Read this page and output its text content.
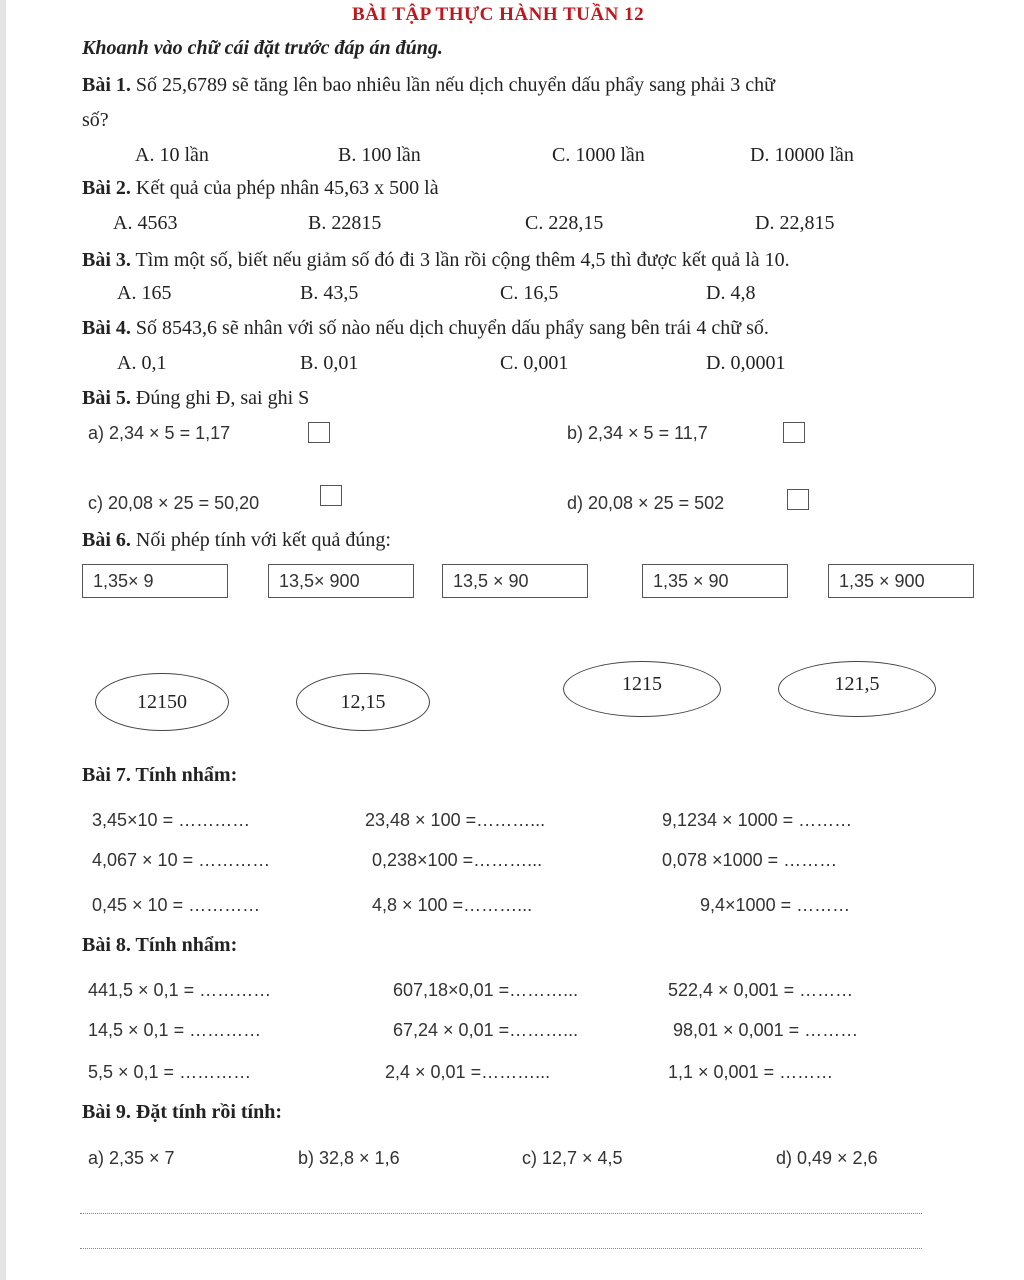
BÀI TẬP THỰC HÀNH TUẦN 12
Khoanh vào chữ cái đặt trước đáp án đúng.
Bài 1. Số 25,6789 sẽ tăng lên bao nhiêu lần nếu dịch chuyển dấu phẩy sang phải 3 chữ
số?
A. 10 lần	B. 100 lần	C. 1000 lần	D. 10000 lần
Bài 2. Kết quả của phép nhân 45,63 x 500 là
A. 4563	B. 22815	C. 228,15	D. 22,815
Bài 3. Tìm một số, biết nếu giảm số đó đi 3 lần rồi cộng thêm 4,5 thì được kết quả là 10.
A. 165	B. 43,5	C. 16,5	D. 4,8
Bài 4. Số 8543,6 sẽ nhân với số nào nếu dịch chuyển dấu phẩy sang bên trái 4 chữ số.
A. 0,1	B. 0,01	C. 0,001	D. 0,0001
Bài 5. Đúng ghi Đ, sai ghi S
a) 2,34 × 5 = 1,17	b) 2,34 × 5 = 11,7
c) 20,08 × 25 = 50,20	d) 20,08 × 25 = 502
Bài 6. Nối phép tính với kết quả đúng:
1,35× 9	13,5× 900	13,5 × 90	1,35 × 90	1,35 × 900
12150	12,15
1215	121,5
Bài 7. Tính nhẩm:
3,45×10 = …………	23,48 × 100 =………...	9,1234 × 1000 = ………
4,067 × 10 = …………	0,238×100 =………...	0,078 ×1000 = ………
0,45 × 10 = …………	4,8 × 100 =………...	9,4×1000 = ………
Bài 8. Tính nhẩm:
441,5 × 0,1 = …………	607,18×0,01 =………...	522,4 × 0,001 = ………
14,5 × 0,1 = …………	67,24 × 0,01 =………...	98,01 × 0,001 = ………
5,5 × 0,1 = …………	2,4 × 0,01 =………...	1,1 × 0,001 = ………
Bài 9. Đặt tính rồi tính:
a) 2,35 × 7	b) 32,8 × 1,6	c) 12,7 × 4,5	d) 0,49 × 2,6
